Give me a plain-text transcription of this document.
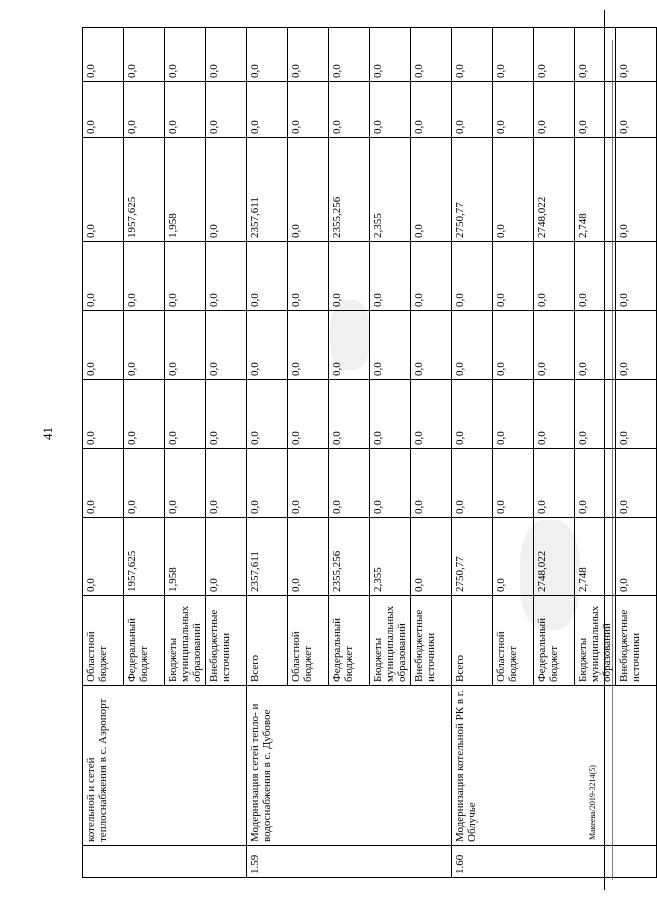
41
Макеева/2019-3214(5)
	котельной и сетей теплоснабжения в с. Аэропорт	Областной бюджет	0,0	0,0	0,0	0,0	0,0	0,0	0,0	0,0
		Федеральный бюджет	1957,625	0,0	0,0	0,0	0,0	1957,625	0,0	0,0
		Бюджеты муниципальных образований	1,958	0,0	0,0	0,0	0,0	1,958	0,0	0,0
		Внебюджетные источники	0,0	0,0	0,0	0,0	0,0	0,0	0,0	0,0
1.59	Модернизация сетей тепло- и водоснабжения в с. Дубовое	Всего	2357,611	0,0	0,0	0,0	0,0	2357,611	0,0	0,0
		Областной бюджет	0,0	0,0	0,0	0,0	0,0	0,0	0,0	0,0
		Федеральный бюджет	2355,256	0,0	0,0	0,0	0,0	2355,256	0,0	0,0
		Бюджеты муниципальных образований	2,355	0,0	0,0	0,0	0,0	2,355	0,0	0,0
		Внебюджетные источники	0,0	0,0	0,0	0,0	0,0	0,0	0,0	0,0
1.60	Модернизация котельной РК в г. Облучье	Всего	2750,77	0,0	0,0	0,0	0,0	2750,77	0,0	0,0
		Областной бюджет	0,0	0,0	0,0	0,0	0,0	0,0	0,0	0,0
		Федеральный бюджет	2748,022	0,0	0,0	0,0	0,0	2748,022	0,0	0,0
		Бюджеты муниципальных образований	2,748	0,0	0,0	0,0	0,0	2,748	0,0	0,0
		Внебюджетные источники	0,0	0,0	0,0	0,0	0,0	0,0	0,0	0,0
